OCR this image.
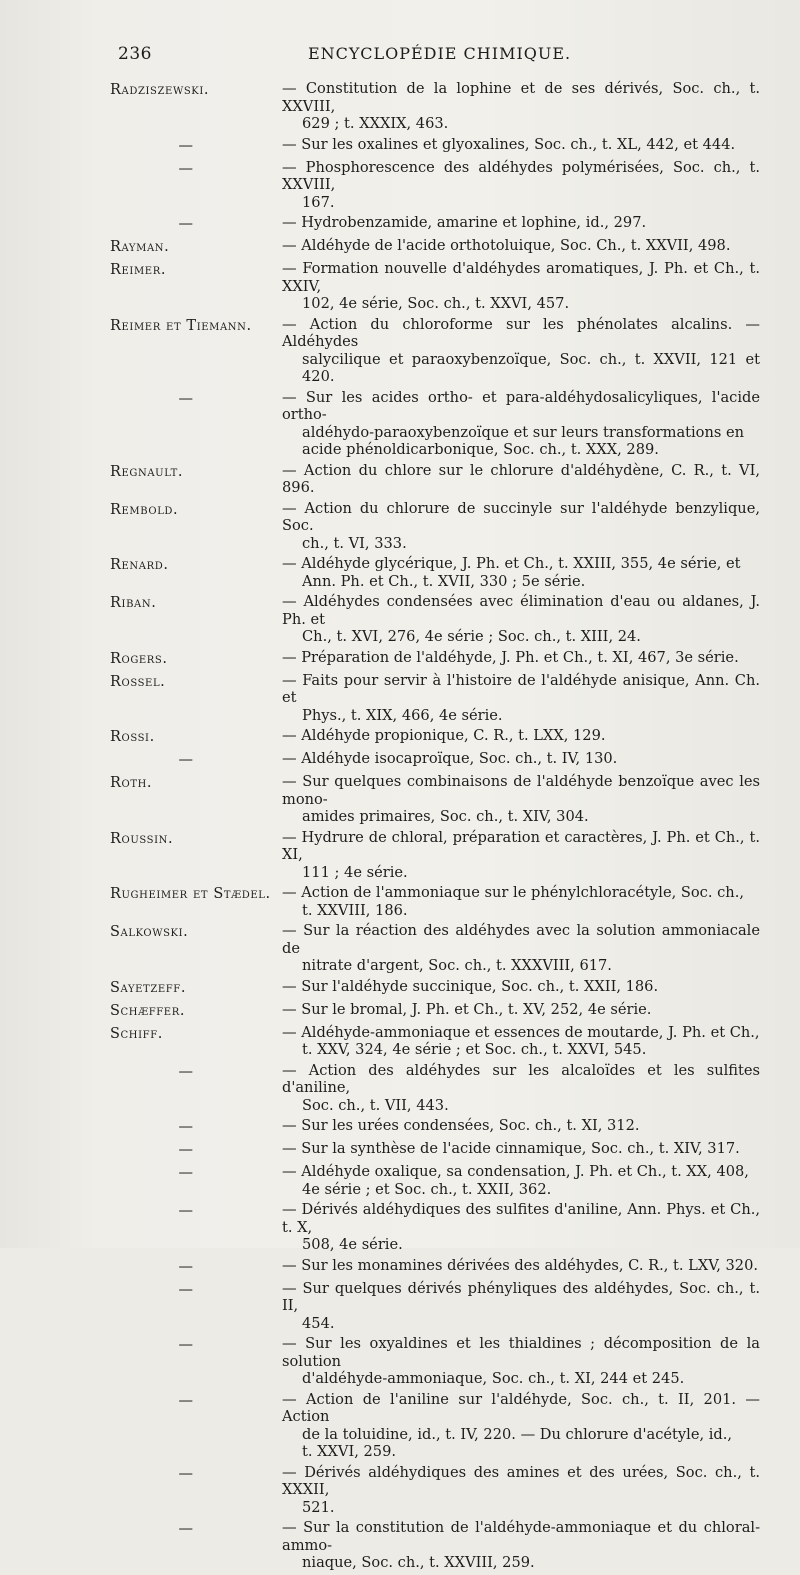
236	ENCYCLOPÉDIE CHIMIQUE.
Radziszewski.	— Constitution de la lophine et de ses dérivés, Soc. ch., t. XXVIII,
629 ; t. XXXIX, 463.
—	— Sur les oxalines et glyoxalines, Soc. ch., t. XL, 442, et 444.
—	— Phosphorescence des aldéhydes polymérisées, Soc. ch., t. XXVIII,
167.
—	— Hydrobenzamide, amarine et lophine, id., 297.
Rayman.	— Aldéhyde de l'acide orthotoluique, Soc. Ch., t. XXVII, 498.
Reimer.	— Formation nouvelle d'aldéhydes aromatiques, J. Ph. et Ch., t. XXIV,
102, 4e série, Soc. ch., t. XXVI, 457.
Reimer et Tiemann.	— Action du chloroforme sur les phénolates alcalins. — Aldéhydes
salycilique et paraoxybenzoïque, Soc. ch., t. XXVII, 121 et 420.
—	— Sur les acides ortho- et para-aldéhydosalicyliques, l'acide ortho-
aldéhydo-paraoxybenzoïque et sur leurs transformations en
acide phénoldicarbonique, Soc. ch., t. XXX, 289.
Regnault.	— Action du chlore sur le chlorure d'aldéhydène, C. R., t. VI, 896.
Rembold.	— Action du chlorure de succinyle sur l'aldéhyde benzylique, Soc.
ch., t. VI, 333.
Renard.	— Aldéhyde glycérique, J. Ph. et Ch., t. XXIII, 355, 4e série, et
Ann. Ph. et Ch., t. XVII, 330 ; 5e série.
Riban.	— Aldéhydes condensées avec élimination d'eau ou aldanes, J. Ph. et
Ch., t. XVI, 276, 4e série ; Soc. ch., t. XIII, 24.
Rogers.	— Préparation de l'aldéhyde, J. Ph. et Ch., t. XI, 467, 3e série.
Rossel.	— Faits pour servir à l'histoire de l'aldéhyde anisique, Ann. Ch. et
Phys., t. XIX, 466, 4e série.
Rossi.	— Aldéhyde propionique, C. R., t. LXX, 129.
—	— Aldéhyde isocaproïque, Soc. ch., t. IV, 130.
Roth.	— Sur quelques combinaisons de l'aldéhyde benzoïque avec les mono-
amides primaires, Soc. ch., t. XIV, 304.
Roussin.	— Hydrure de chloral, préparation et caractères, J. Ph. et Ch., t. XI,
111 ; 4e série.
Rugheimer et Stædel. — Action de l'ammoniaque sur le phénylchloracétyle, Soc. ch.,
t. XXVIII, 186.
Salkowski.	— Sur la réaction des aldéhydes avec la solution ammoniacale de
nitrate d'argent, Soc. ch., t. XXXVIII, 617.
Sayetzeff.	— Sur l'aldéhyde succinique, Soc. ch., t. XXII, 186.
Schæffer.	— Sur le bromal, J. Ph. et Ch., t. XV, 252, 4e série.
Schiff.	— Aldéhyde-ammoniaque et essences de moutarde, J. Ph. et Ch.,
t. XXV, 324, 4e série ; et Soc. ch., t. XXVI, 545.
—	— Action des aldéhydes sur les alcaloïdes et les sulfites d'aniline,
Soc. ch., t. VII, 443.
—	— Sur les urées condensées, Soc. ch., t. XI, 312.
—	— Sur la synthèse de l'acide cinnamique, Soc. ch., t. XIV, 317.
—	— Aldéhyde oxalique, sa condensation, J. Ph. et Ch., t. XX, 408,
4e série ; et Soc. ch., t. XXII, 362.
—	— Dérivés aldéhydiques des sulfites d'aniline, Ann. Phys. et Ch., t. X,
508, 4e série.
—	— Sur les monamines dérivées des aldéhydes, C. R., t. LXV, 320.
—	— Sur quelques dérivés phényliques des aldéhydes, Soc. ch., t. II,
454.
—	— Sur les oxyaldines et les thialdines ; décomposition de la solution
d'aldéhyde-ammoniaque, Soc. ch., t. XI, 244 et 245.
—	— Action de l'aniline sur l'aldéhyde, Soc. ch., t. II, 201. — Action
de la toluidine, id., t. IV, 220. — Du chlorure d'acétyle, id.,
t. XXVI, 259.
—	— Dérivés aldéhydiques des amines et des urées, Soc. ch., t. XXXII,
521.
—	— Sur la constitution de l'aldéhyde-ammoniaque et du chloral-ammo-
niaque, Soc. ch., t. XXVIII, 259.
